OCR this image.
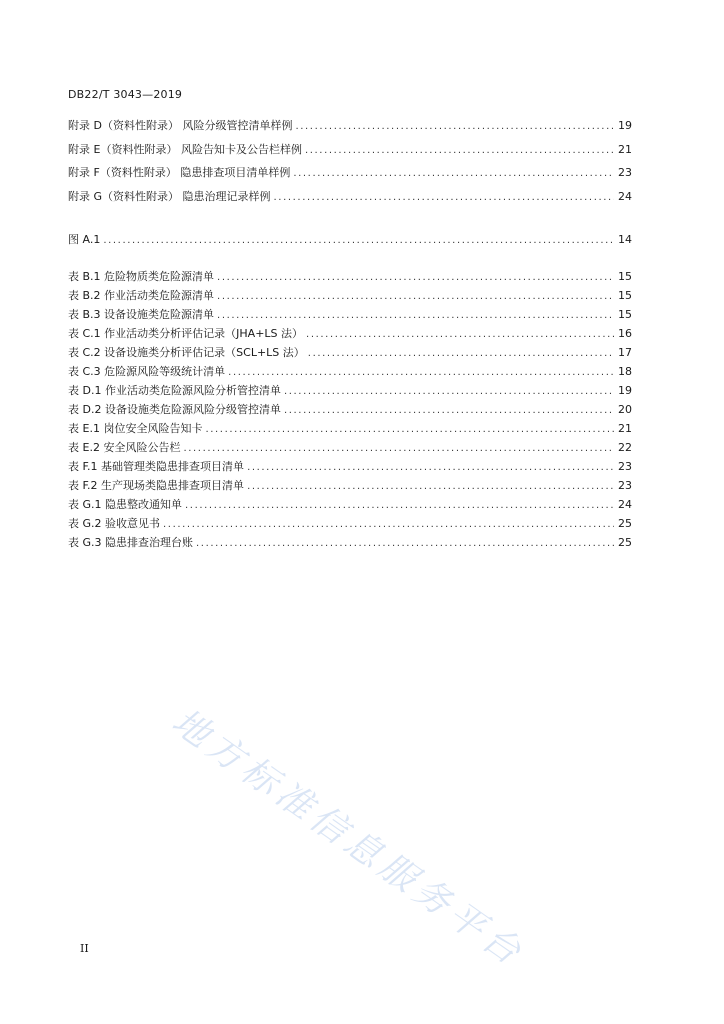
DB22/T 3043—2019
附录 D（资料性附录） 风险分级管控清单样例 .....	19
附录 E（资料性附录） 风险告知卡及公告栏样例 .....	21
附录 F（资料性附录） 隐患排查项目清单样例 .....	23
附录 G（资料性附录） 隐患治理记录样例 .....	24
图 A.1 .....	14
表 B.1 危险物质类危险源清单 .....	15
表 B.2 作业活动类危险源清单 .....	15
表 B.3 设备设施类危险源清单 .....	15
表 C.1 作业活动类分析评估记录（JHA+LS 法） .....	16
表 C.2 设备设施类分析评估记录（SCL+LS 法） .....	17
表 C.3 危险源风险等级统计清单 .....	18
表 D.1 作业活动类危险源风险分析管控清单 .....	19
表 D.2 设备设施类危险源风险分级管控清单 .....	20
表 E.1 岗位安全风险告知卡 .....	21
表 E.2 安全风险公告栏 .....	22
表 F.1 基础管理类隐患排查项目清单 .....	23
表 F.2 生产现场类隐患排查项目清单 .....	23
表 G.1 隐患整改通知单 .....	24
表 G.2 验收意见书 .....	25
表 G.3 隐患排查治理台账 .....	25
地方标准信息服务平台
II
